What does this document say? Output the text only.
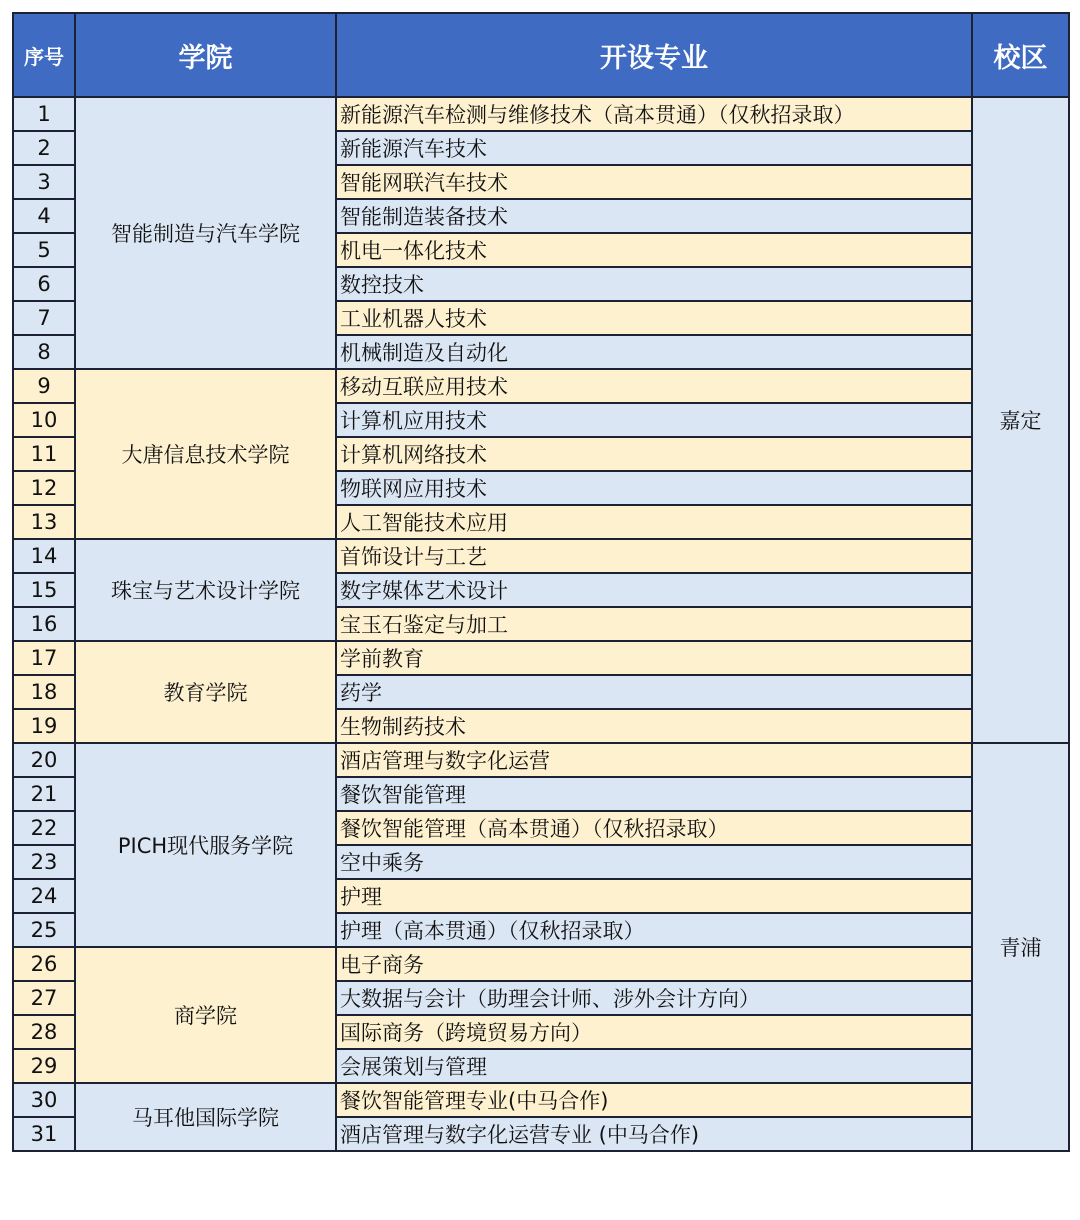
序号	学院	开设专业	校区
1	智能制造与汽车学院	新能源汽车检测与维修技术（高本贯通）（仅秋招录取）	嘉定
2		新能源汽车技术	
3		智能网联汽车技术	
4		智能制造装备技术	
5		机电一体化技术	
6		数控技术	
7		工业机器人技术	
8		机械制造及自动化	
9	大唐信息技术学院	移动互联应用技术	
10		计算机应用技术	
11		计算机网络技术	
12		物联网应用技术	
13		人工智能技术应用	
14	珠宝与艺术设计学院	首饰设计与工艺	
15		数字媒体艺术设计	
16		宝玉石鉴定与加工	
17	教育学院	学前教育	
18		药学	
19		生物制药技术	
20	PICH现代服务学院	酒店管理与数字化运营	青浦
21		餐饮智能管理	
22		餐饮智能管理（高本贯通）（仅秋招录取）	
23		空中乘务	
24		护理	
25		护理（高本贯通）（仅秋招录取）	
26	商学院	电子商务	
27		大数据与会计（助理会计师、涉外会计方向）	
28		国际商务（跨境贸易方向）	
29		会展策划与管理	
30	马耳他国际学院	餐饮智能管理专业(中马合作)	
31		酒店管理与数字化运营专业 (中马合作)	
